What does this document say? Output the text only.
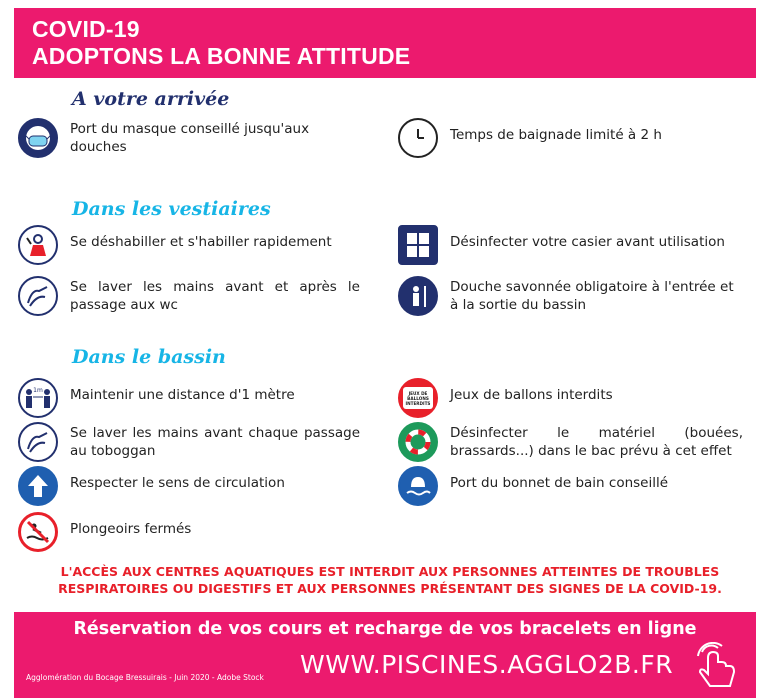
COVID-19
ADOPTONS LA BONNE ATTITUDE
A votre arrivée
Port du masque conseillé jusqu'aux douches
Temps de baignade limité à 2 h
Dans les vestiaires
Se déshabiller et s'habiller rapidement	Désinfecter votre casier avant utilisation
Se laver les mains avant et après le passage aux wc
Douche savonnée obligatoire à l'entrée et à la sortie du bassin
Dans le bassin
1m Maintenir une distance d'1 mètre	JEUX DE BALLONS INTERDITS Jeux de ballons interdits
Se laver les mains avant chaque passage au toboggan
Désinfecter le matériel (bouées, brassards...) dans le bac prévu à cet effet
Respecter le sens de circulation	Port du bonnet de bain conseillé
Plongeoirs fermés
L'ACCÈS AUX CENTRES AQUATIQUES EST INTERDIT AUX PERSONNES ATTEINTES DE TROUBLES RESPIRATOIRES OU DIGESTIFS ET AUX PERSONNES PRÉSENTANT DES SIGNES DE LA COVID-19.
Réservation de vos cours et recharge de vos bracelets en ligne
WWW.PISCINES.AGGLO2B.FR
Agglomération du Bocage Bressuirais - Juin 2020 - Adobe Stock
